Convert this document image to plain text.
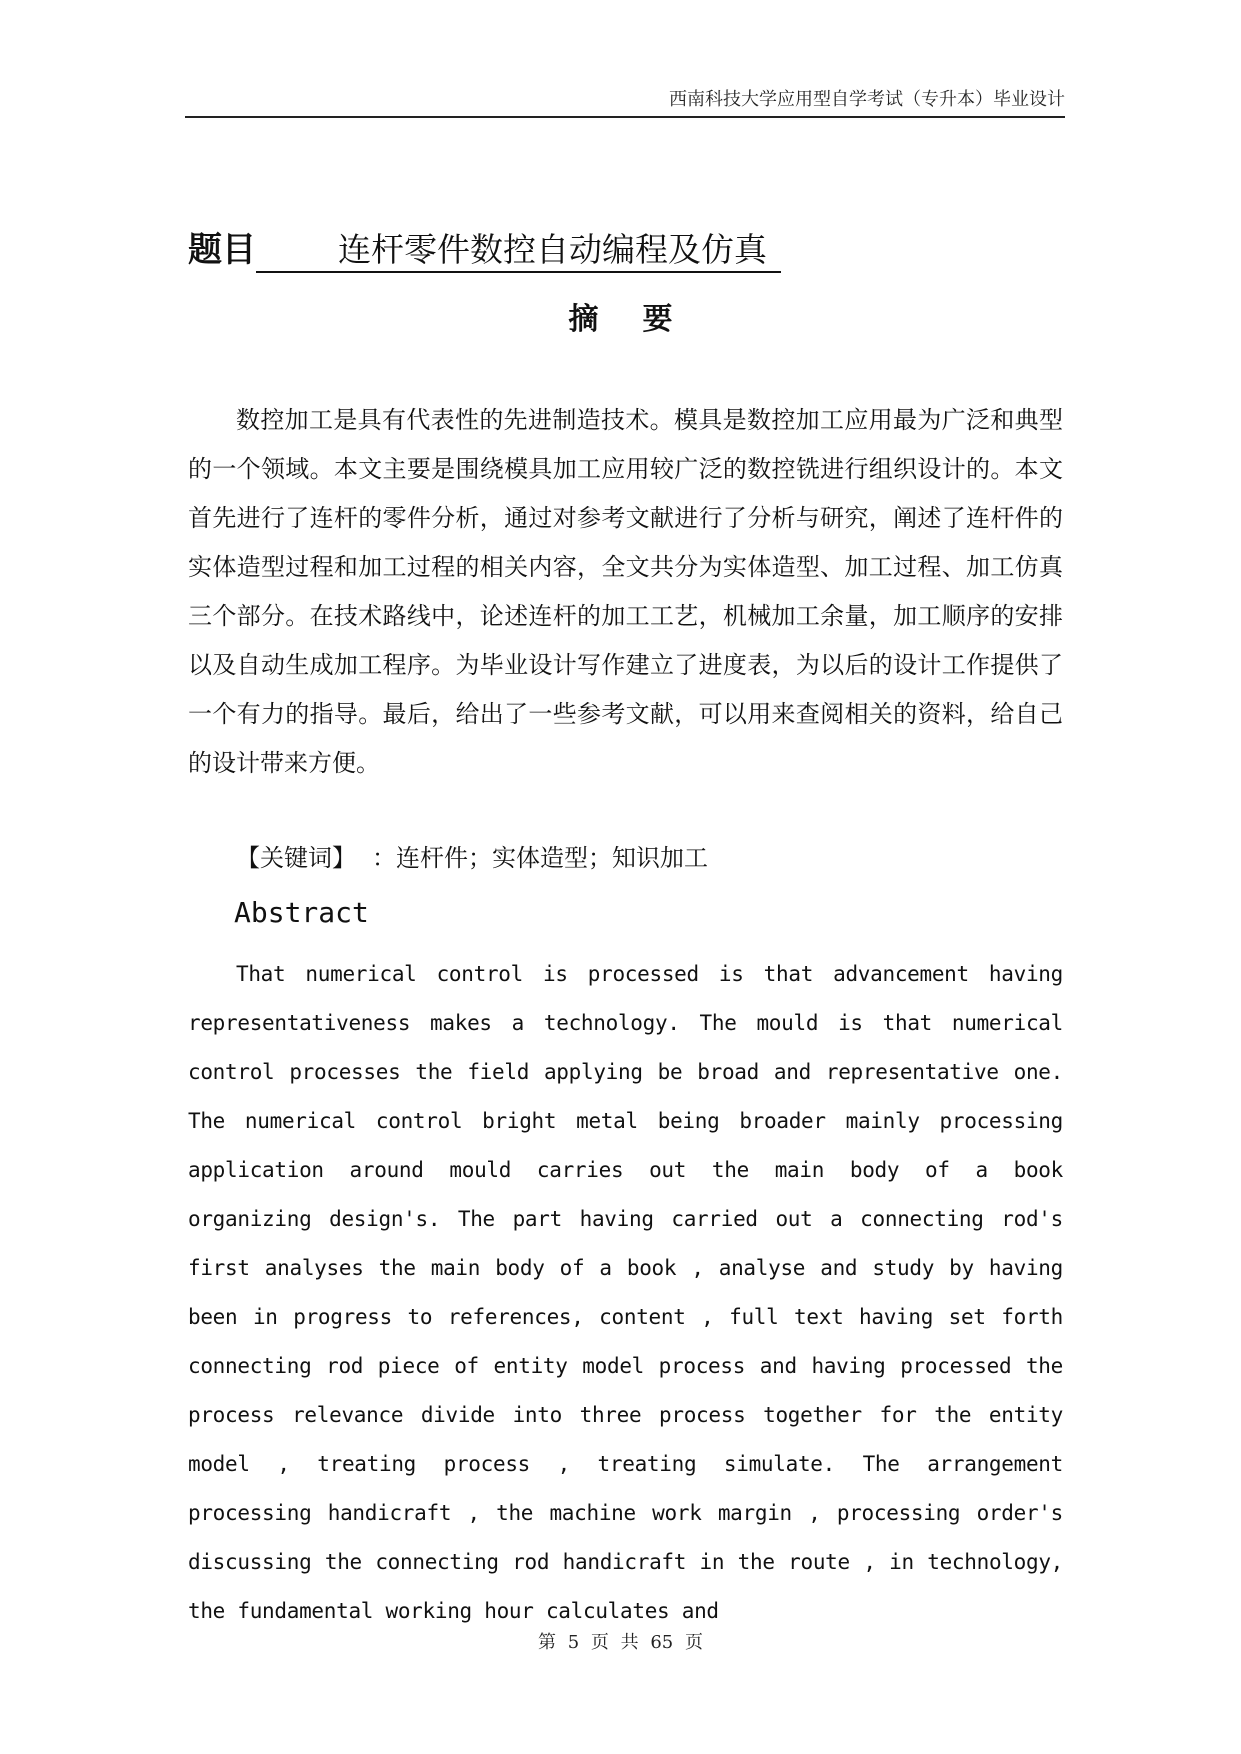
西南科技大学应用型自学考试（专升本）毕业设计
题目 连杆零件数控自动编程及仿真
摘要

数控加工是具有代表性的先进制造技术。模具是数控加工应用最为广泛和典型的一个领域。本文主要是围绕模具加工应用较广泛的数控铣进行组织设计的。本文首先进行了连杆的零件分析，通过对参考文献进行了分析与研究，阐述了连杆件的实体造型过程和加工过程的相关内容，全文共分为实体造型、加工过程、加工仿真三个部分。在技术路线中，论述连杆的加工工艺，机械加工余量，加工顺序的安排以及自动生成加工程序。为毕业设计写作建立了进度表，为以后的设计工作提供了一个有力的指导。最后，给出了一些参考文献，可以用来查阅相关的资料，给自己的设计带来方便。

【关键词】 ：连杆件；实体造型；知识加工
Abstract

That numerical control is processed is that advancement having representativeness makes a technology. The mould is that numerical control processes the field applying be broad and representative one. The numerical control bright metal being broader mainly processing application around mould carries out the main body of a book organizing design's. The part having carried out a connecting rod's first analyses the main body of a book , analyse and study by having been in progress to references, content , full text having set forth connecting rod piece of entity model process and having processed the process relevance divide into three process together for the entity model , treating process , treating simulate. The arrangement processing handicraft , the machine work margin , processing order's discussing the connecting rod handicraft in the route , in technology, the fundamental working hour calculates and

第 5 页 共 65 页
